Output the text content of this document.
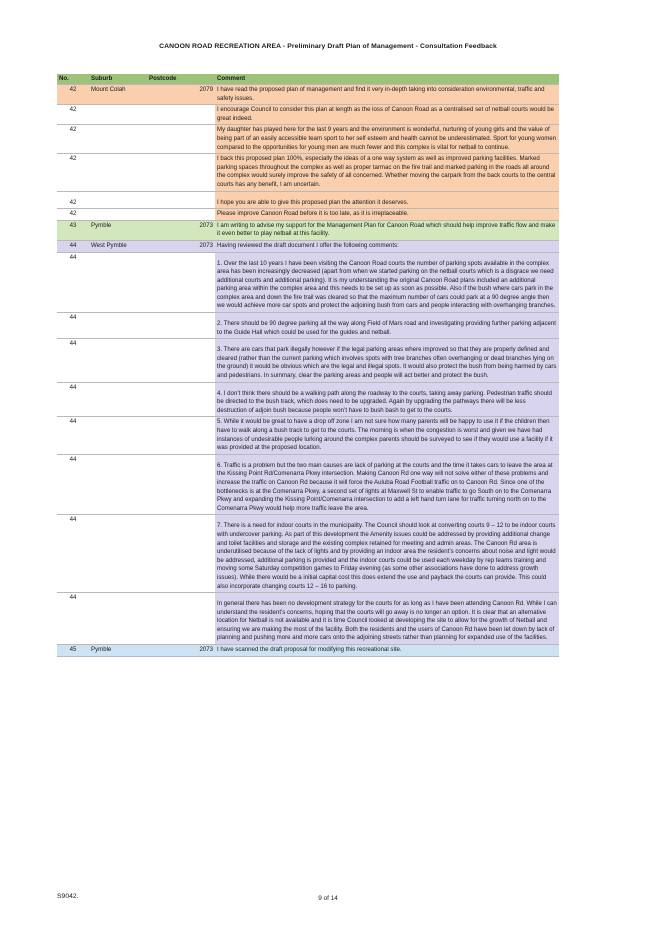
CANOON ROAD RECREATION AREA - Preliminary Draft Plan of Management - Consultation Feedback
No.	Suburb	Postcode	Comment
42	Mount Colah	2079	I have read the proposed plan of management and find it very in-depth taking into consideration environmental, traffic and safety issues.
42			I encourage Council to consider this plan at length as the loss of Canoon Road as a centralised set of netball courts would be great indeed.
42			My daughter has played here for the last 9 years and the environment is wonderful, nurturing of young girls and the value of being part of an easily accessible team sport to her self esteem and health cannot be underestimated. Sport for young women compared to the opportunities for young men are much fewer and this complex is vital for netball to continue.
42			I back this proposed plan 100%, especially the ideas of a one way system as well as improved parking facilities. Marked parking spaces throughout the complex as well as proper tarmac on the fire trail and marked parking in the roads all around the complex would surely improve the safety of all concerned. Whether moving the carpark from the back courts to the central courts has any benefit, I am uncertain.
42			I hope you are able to give this proposed plan the attention it deserves.
42			Please improve Canoon Road before it is too late, as it is irreplaceable.
43	Pymble	2073	I am writing to advise my support for the Management Plan for Canoon Road which should help improve traffic flow and make it even better to play netball at this facility.
44	West Pymble	2073	Having reviewed the draft document I offer the following comments:
44			1. Over the last 10 years I have been visiting the Canoon Road courts the number of parking spots available in the complex area has been increasingly decreased (apart from when we started parking on the netball courts which is a disgrace we need additional courts and additional parking). It is my understanding the original Canoon Road plans included an additional parking area within the complex area and this needs to be set up as soon as possible. Also if the bush where cars park in the complex area and down the fire trail was cleared so that the maximum number of cars could park at a 90 degree angle then we would achieve more car spots and protect the adjoining bush from cars and people interacting with overhanging branches.
44			2. There should be 90 degree parking all the way along Field of Mars road and investigating providing further parking adjacent to the Guide Hall which could be used for the guides and netball.
44			3. There are cars that park illegally however if the legal parking areas where improved so that they are properly defined and cleared (rather than the current parking which involves spots with tree branches often overhanging or dead branches lying on the ground) it would be obvious which are the legal and illegal spots. It would also protect the bush from being harmed by cars and pedestrians. In summary, clear the parking areas and people will act better and protect the bush.
44			4. I don’t think there should be a walking path along the roadway to the courts, taking away parking. Pedestrian traffic should be directed to the bush track, which does need to be upgraded. Again by upgrading the pathways there will be less destruction of adjoin bush because people won’t have to bush bash to get to the courts.
44			5. While it would be great to have a drop off zone I am not sure how many parents will be happy to use it if the children then have to walk along a bush track to get to the courts. The morning is when the congestion is worst and given we have had instances of undesirable people lurking around the complex parents should be surveyed to see if they would use a facility if it was provided at the proposed location.
44			6. Traffic is a problem but the two main causes are lack of parking at the courts and the time it takes cars to leave the area at the Kissing Point Rd/Comenarra Pkwy intersection. Making Canoon Rd one way will not solve either of these problems and increase the traffic on Canoon Rd because it will force the Auluba Road Football traffic on to Canoon Rd. Since one of the bottlenecks is at the Comenarra Pkwy, a second set of lights at Maxwell St to enable traffic to go South on to the Comenarra Pkwy and expanding the Kissing Point/Comenarra intersection to add a left hand turn lane for traffic turning north on to the Comenarra Pkwy would help more traffic leave the area.
44			7. There is a need for indoor courts in the municipality. The Council should look at converting courts 9 – 12 to be indoor courts with undercover parking. As part of this development the Amenity issues could be addressed by providing additional change and toilet facilities and storage and the existing complex retained for meeting and admin areas. The Canoon Rd area is underutilised because of the lack of lights and by providing an indoor area the resident’s concerns about noise and light would be addressed, additional parking is provided and the indoor courts could be used each weekday by rep teams training and moving some Saturday competition games to Friday evening (as some other associations have done to address growth issues). While there would be a initial capital cost this does extend the use and payback the courts can provide. This could also incorporate changing courts 12 – 16 to parking.
44			In general there has been no development strategy for the courts for as long as I have been attending Canoon Rd. While I can understand the resident’s concerns, hoping that the courts will go away is no longer an option. It is clear that an alternative location for Netball is not available and it is time Council looked at developing the site to allow for the growth of Netball and ensuring we are making the most of the facility. Both the residents and the users of Canoon Rd have been let down by lack of planning and pushing more and more cars onto the adjoining streets rather than planning for expanded use of the facilities.
45	Pymble	2073	I have scanned the draft proposal for modifying this recreational site.
S9042.	9 of 14
